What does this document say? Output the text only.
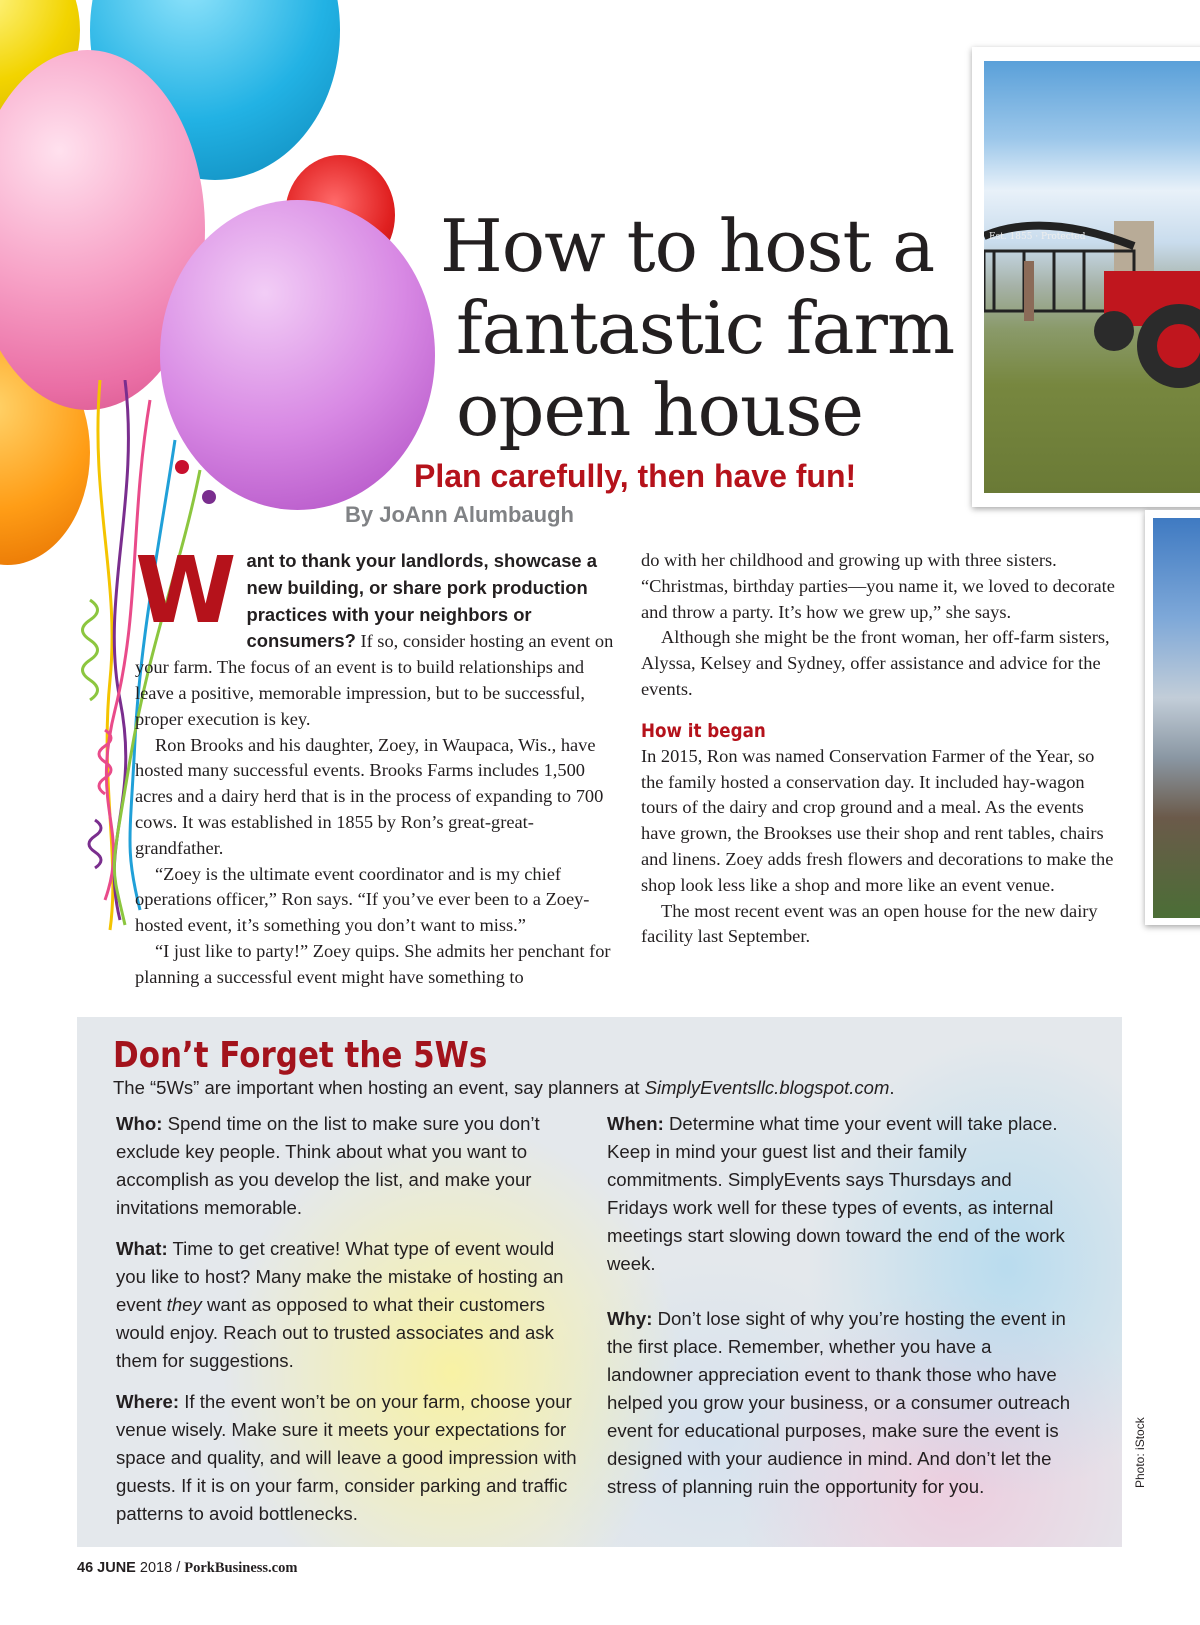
Est. 1855 · Protected
How to host a
fantastic farm
open house
Plan carefully, then have fun!

By JoAnn Alumbaugh

Want to thank your landlords, showcase a new building, or share pork production practices with your neighbors or consumers? If so, consider hosting an event on your farm. The focus of an event is to build relationships and leave a positive, memorable impression, but to be successful, proper execution is key.

Ron Brooks and his daughter, Zoey, in Waupaca, Wis., have hosted many successful events. Brooks Farms includes 1,500 acres and a dairy herd that is in the process of expanding to 700 cows. It was established in 1855 by Ron’s great-great-grandfather.

“Zoey is the ultimate event coordinator and is my chief operations officer,” Ron says. “If you’ve ever been to a Zoey-hosted event, it’s something you don’t want to miss.”

“I just like to party!” Zoey quips. She admits her penchant for planning a successful event might have something to

do with her childhood and growing up with three sisters. “Christmas, birthday parties—you name it, we loved to decorate and throw a party. It’s how we grew up,” she says.

Although she might be the front woman, her off-farm sisters, Alyssa, Kelsey and Sydney, offer assistance and advice for the events.

How it began

In 2015, Ron was named Conservation Farmer of the Year, so the family hosted a conservation day. It included hay-wagon tours of the dairy and crop ground and a meal. As the events have grown, the Brookses use their shop and rent tables, chairs and linens. Zoey adds fresh flowers and decorations to make the shop look less like a shop and more like an event venue.

The most recent event was an open house for the new dairy facility last September.

Don’t Forget the 5Ws

The “5Ws” are important when hosting an event, say planners at SimplyEventsllc.blogspot.com.

Who: Spend time on the list to make sure you don’t exclude key people. Think about what you want to accomplish as you develop the list, and make your invitations memorable.

What: Time to get creative! What type of event would you like to host? Many make the mistake of hosting an event they want as opposed to what their customers would enjoy. Reach out to trusted associates and ask them for suggestions.

Where: If the event won’t be on your farm, choose your venue wisely. Make sure it meets your expectations for space and quality, and will leave a good impression with guests. If it is on your farm, consider parking and traffic patterns to avoid bottlenecks.

When: Determine what time your event will take place. Keep in mind your guest list and their family commitments. SimplyEvents says Thursdays and Fridays work well for these types of events, as internal meetings start slowing down toward the end of the work week.

Why: Don’t lose sight of why you’re hosting the event in the first place. Remember, whether you have a landowner appreciation event to thank those who have helped you grow your business, or a consumer outreach event for educational purposes, make sure the event is designed with your audience in mind. And don’t let the stress of planning ruin the opportunity for you.	Photo: iStock
46 JUNE 2018 / PorkBusiness.com
